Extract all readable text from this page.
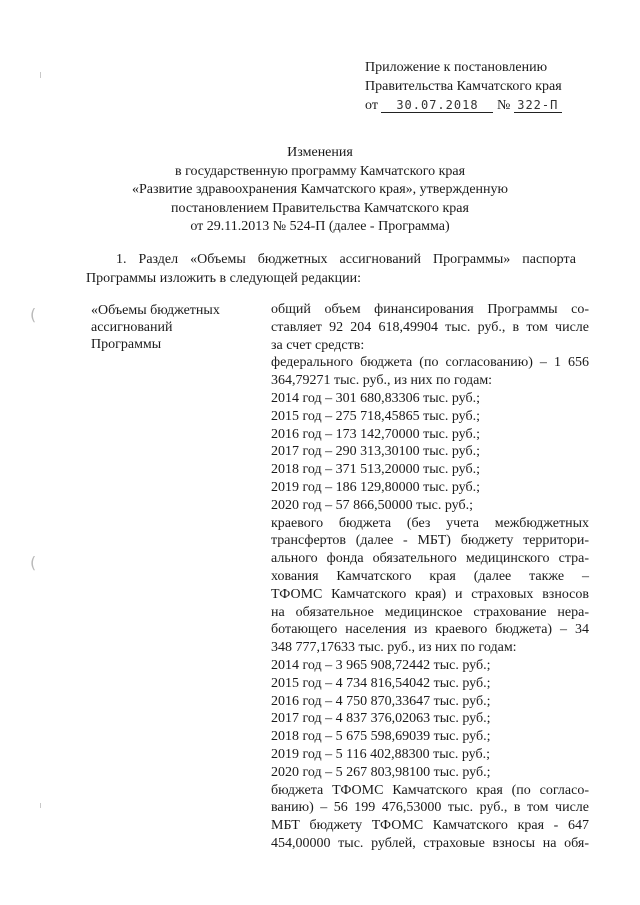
(
(
Приложение к постановлению
Правительства Камчатского края
от 30.07.2018 № 322-П
Изменения
в государственную программу Камчатского края
«Развитие здравоохранения Камчатского края», утвержденную
постановлением Правительства Камчатского края
от 29.11.2013 № 524-П (далее - Программа)
1. Раздел «Объемы бюджетных ассигнований Программы» паспорта
Программы изложить в следующей редакции:
«Объемы бюджетных
ассигнований
Программы
общий объем финансирования Программы со-
ставляет 92 204 618,49904 тыс. руб., в том числе
за счет средств:
федерального бюджета (по согласованию) – 1 656
364,79271 тыс. руб., из них по годам:
2014 год – 301 680,83306 тыс. руб.;
2015 год – 275 718,45865 тыс. руб.;
2016 год – 173 142,70000 тыс. руб.;
2017 год – 290 313,30100 тыс. руб.;
2018 год – 371 513,20000 тыс. руб.;
2019 год – 186 129,80000 тыс. руб.;
2020 год – 57 866,50000 тыс. руб.;
краевого бюджета (без учета межбюджетных
трансфертов (далее - МБТ) бюджету территори-
ального фонда обязательного медицинского стра-
хования Камчатского края (далее также –
ТФОМС Камчатского края) и страховых взносов
на обязательное медицинское страхование нера-
ботающего населения из краевого бюджета) – 34
348 777,17633 тыс. руб., из них по годам:
2014 год – 3 965 908,72442 тыс. руб.;
2015 год – 4 734 816,54042 тыс. руб.;
2016 год – 4 750 870,33647 тыс. руб.;
2017 год – 4 837 376,02063 тыс. руб.;
2018 год – 5 675 598,69039 тыс. руб.;
2019 год – 5 116 402,88300 тыс. руб.;
2020 год – 5 267 803,98100 тыс. руб.;
бюджета ТФОМС Камчатского края (по согласо-
ванию) – 56 199 476,53000 тыс. руб., в том числе
МБТ бюджету ТФОМС Камчатского края - 647
454,00000 тыс. рублей, страховые взносы на обя-
